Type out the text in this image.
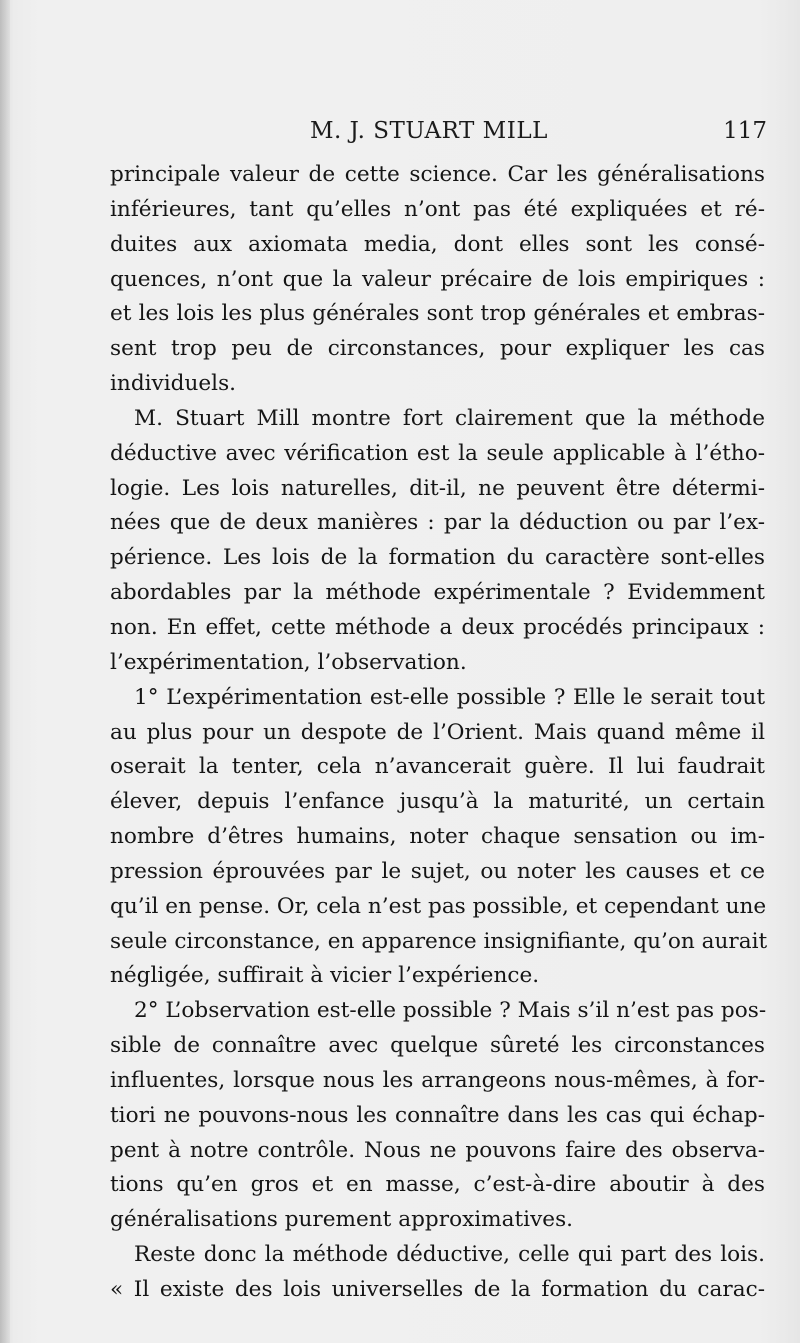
M. J. STUART MILL	117
principale valeur de cette science. Car les généralisations
inférieures, tant qu’elles n’ont pas été expliquées et ré-
duites aux axiomata media, dont elles sont les consé-
quences, n’ont que la valeur précaire de lois empiriques :
et les lois les plus générales sont trop générales et embras-
sent trop peu de circonstances, pour expliquer les cas
individuels.
M. Stuart Mill montre fort clairement que la méthode
déductive avec vérification est la seule applicable à l’étho-
logie. Les lois naturelles, dit-il, ne peuvent être détermi-
nées que de deux manières : par la déduction ou par l’ex-
périence. Les lois de la formation du caractère sont-elles
abordables par la méthode expérimentale ? Evidemment
non. En effet, cette méthode a deux procédés principaux :
l’expérimentation, l’observation.
1° L’expérimentation est-elle possible ? Elle le serait tout
au plus pour un despote de l’Orient. Mais quand même il
oserait la tenter, cela n’avancerait guère. Il lui faudrait
élever, depuis l’enfance jusqu’à la maturité, un certain
nombre d’êtres humains, noter chaque sensation ou im-
pression éprouvées par le sujet, ou noter les causes et ce
qu’il en pense. Or, cela n’est pas possible, et cependant une
seule circonstance, en apparence insignifiante, qu’on aurait
négligée, suffirait à vicier l’expérience.
2° L’observation est-elle possible ? Mais s’il n’est pas pos-
sible de connaître avec quelque sûreté les circonstances
influentes, lorsque nous les arrangeons nous-mêmes, à for-
tiori ne pouvons-nous les connaître dans les cas qui échap-
pent à notre contrôle. Nous ne pouvons faire des observa-
tions qu’en gros et en masse, c’est-à-dire aboutir à des
généralisations purement approximatives.
Reste donc la méthode déductive, celle qui part des lois.
« Il existe des lois universelles de la formation du carac-
